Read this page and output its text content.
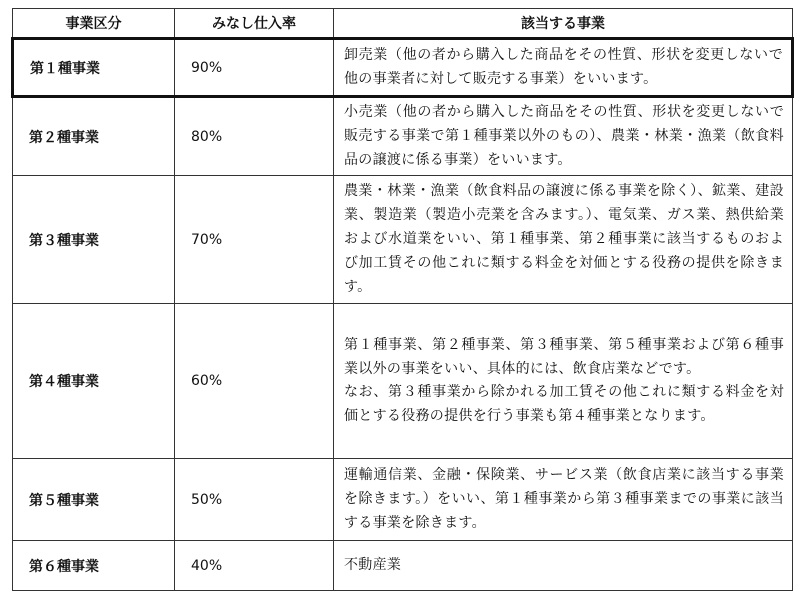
事業区分	みなし仕入率	該当する事業
第１種事業	90%	卸売業（他の者から購入した商品をその性質、形状を変更しないで他の事業者に対して販売する事業）をいいます。

第２種事業	80%	小売業（他の者から購入した商品をその性質、形状を変更しないで販売する事業で第１種事業以外のもの）、農業・林業・漁業（飲食料品の譲渡に係る事業）をいいます。

第３種事業	70%	農業・林業・漁業（飲食料品の譲渡に係る事業を除く）、鉱業、建設業、製造業（製造小売業を含みます。）、電気業、ガス業、熱供給業および水道業をいい、第１種事業、第２種事業に該当するものおよび加工賃その他これに類する料金を対価とする役務の提供を除きます。

第４種事業	60%	第１種事業、第２種事業、第３種事業、第５種事業および第６種事業以外の事業をいい、具体的には、飲食店業などです。
なお、第３種事業から除かれる加工賃その他これに類する料金を対価とする役務の提供を行う事業も第４種事業となります。

第５種事業	50%	運輸通信業、金融・保険業、サービス業（飲食店業に該当する事業を除きます。）をいい、第１種事業から第３種事業までの事業に該当する事業を除きます。

第６種事業	40%	不動産業
